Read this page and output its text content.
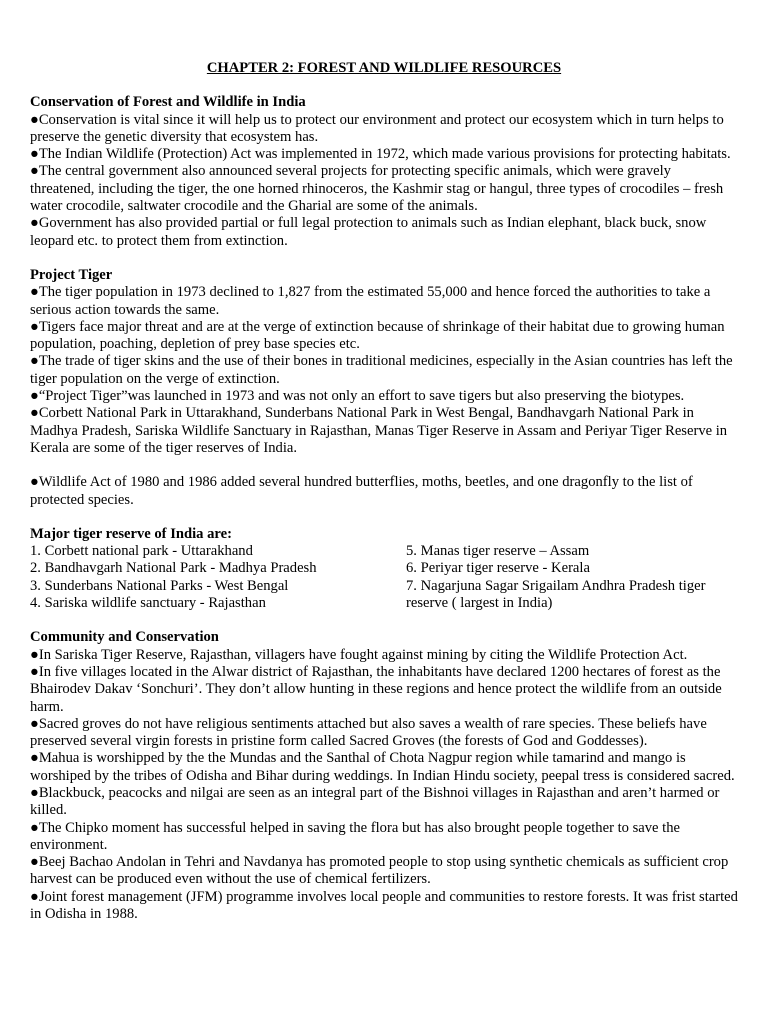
CHAPTER 2: FOREST AND WILDLIFE RESOURCES
Conservation of Forest and Wildlife in India
● Conservation is vital since it will help us to protect our environment and protect our ecosystem which in turn helps to preserve the genetic diversity that ecosystem has.
● The Indian Wildlife (Protection) Act was implemented in 1972, which made various provisions for protecting habitats.
● The central government also announced several projects for protecting specific animals, which were gravely threatened, including the tiger, the one horned rhinoceros, the Kashmir stag or hangul, three types of crocodiles – fresh water crocodile, saltwater crocodile and the Gharial are some of the animals.
● Government has also provided partial or full legal protection to animals such as Indian elephant, black buck, snow leopard etc. to protect them from extinction.
Project Tiger
● The tiger population in 1973 declined to 1,827 from the estimated 55,000 and hence forced the authorities to take a serious action towards the same.
● Tigers face major threat and are at the verge of extinction because of shrinkage of their habitat due to growing human population, poaching, depletion of prey base species etc.
● The trade of tiger skins and the use of their bones in traditional medicines, especially in the Asian countries has left the tiger population on the verge of extinction.
● “Project Tiger”was launched in 1973 and was not only an effort to save tigers but also preserving the biotypes.
● Corbett National Park in Uttarakhand, Sunderbans National Park in West Bengal, Bandhavgarh National Park in Madhya Pradesh, Sariska Wildlife Sanctuary in Rajasthan, Manas Tiger Reserve in Assam and Periyar Tiger Reserve in Kerala are some of the tiger reserves of India.
● Wildlife Act of 1980 and 1986 added several hundred butterflies, moths, beetles, and one dragonfly to the list of protected species.
Major tiger reserve of India are:
1. Corbett national park - Uttarakhand
2. Bandhavgarh National Park - Madhya Pradesh
3. Sunderbans National Parks - West Bengal
4. Sariska wildlife sanctuary - Rajasthan
5. Manas tiger reserve – Assam
6. Periyar tiger reserve - Kerala
7. Nagarjuna Sagar Srigailam Andhra Pradesh tiger reserve ( largest in India)
Community and Conservation
● In Sariska Tiger Reserve, Rajasthan, villagers have fought against mining by citing the Wildlife Protection Act.
● In five villages located in the Alwar district of Rajasthan, the inhabitants have declared 1200 hectares of forest as the Bhairodev Dakav ‘Sonchuri’. They don’t allow hunting in these regions and hence protect the wildlife from an outside harm.
● Sacred groves do not have religious sentiments attached but also saves a wealth of rare species. These beliefs have preserved several virgin forests in pristine form called Sacred Groves (the forests of God and Goddesses).
● Mahua is worshipped by the the Mundas and the Santhal of Chota Nagpur region while tamarind and mango is worshiped by the tribes of Odisha and Bihar during weddings. In Indian Hindu society, peepal tress is considered sacred.
● Blackbuck, peacocks and nilgai are seen as an integral part of the Bishnoi villages in Rajasthan and aren’t harmed or killed.
● The Chipko moment has successful helped in saving the flora but has also brought people together to save the environment.
● Beej Bachao Andolan in Tehri and Navdanya has promoted people to stop using synthetic chemicals as sufficient crop harvest can be produced even without the use of chemical fertilizers.
● Joint forest management (JFM) programme involves local people and communities to restore forests. It was frist started in Odisha in 1988.
